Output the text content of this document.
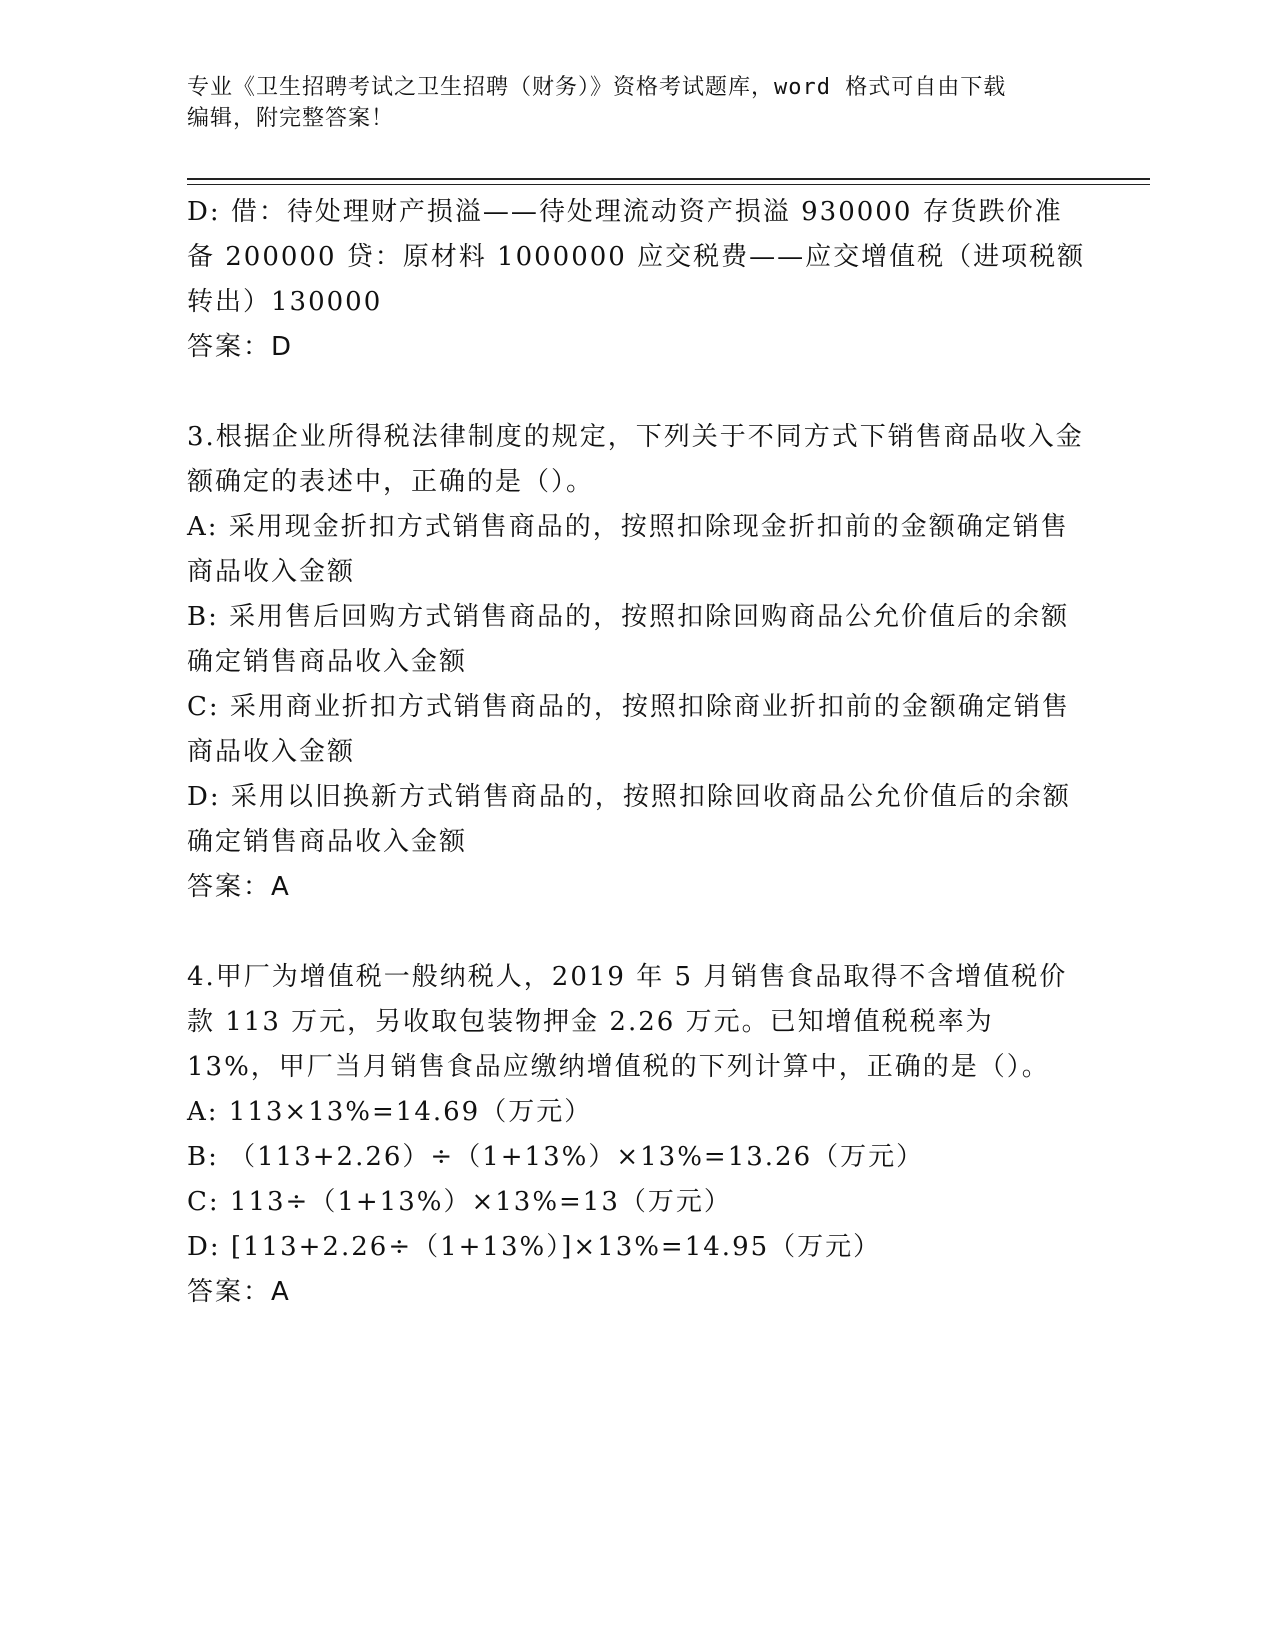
专业《卫生招聘考试之卫生招聘（财务）》资格考试题库，word 格式可自由下载
编辑，附完整答案！

D: 借：待处理财产损溢——待处理流动资产损溢 930000 存货跌价准备 200000 贷：原材料 1000000 应交税费——应交增值税（进项税额转出）130000

答案：D

3.根据企业所得税法律制度的规定，下列关于不同方式下销售商品收入金额确定的表述中，正确的是（）。

A: 采用现金折扣方式销售商品的，按照扣除现金折扣前的金额确定销售商品收入金额

B: 采用售后回购方式销售商品的，按照扣除回购商品公允价值后的余额确定销售商品收入金额

C: 采用商业折扣方式销售商品的，按照扣除商业折扣前的金额确定销售商品收入金额

D: 采用以旧换新方式销售商品的，按照扣除回收商品公允价值后的余额确定销售商品收入金额

答案：A

4.甲厂为增值税一般纳税人，2019 年 5 月销售食品取得不含增值税价款 113 万元，另收取包装物押金 2.26 万元。已知增值税税率为 13%，甲厂当月销售食品应缴纳增值税的下列计算中，正确的是（）。

A: 113×13%=14.69（万元）

B: （113+2.26）÷（1+13%）×13%=13.26（万元）

C: 113÷（1+13%）×13%=13（万元）

D: [113+2.26÷（1+13%）]×13%=14.95（万元）

答案：A
